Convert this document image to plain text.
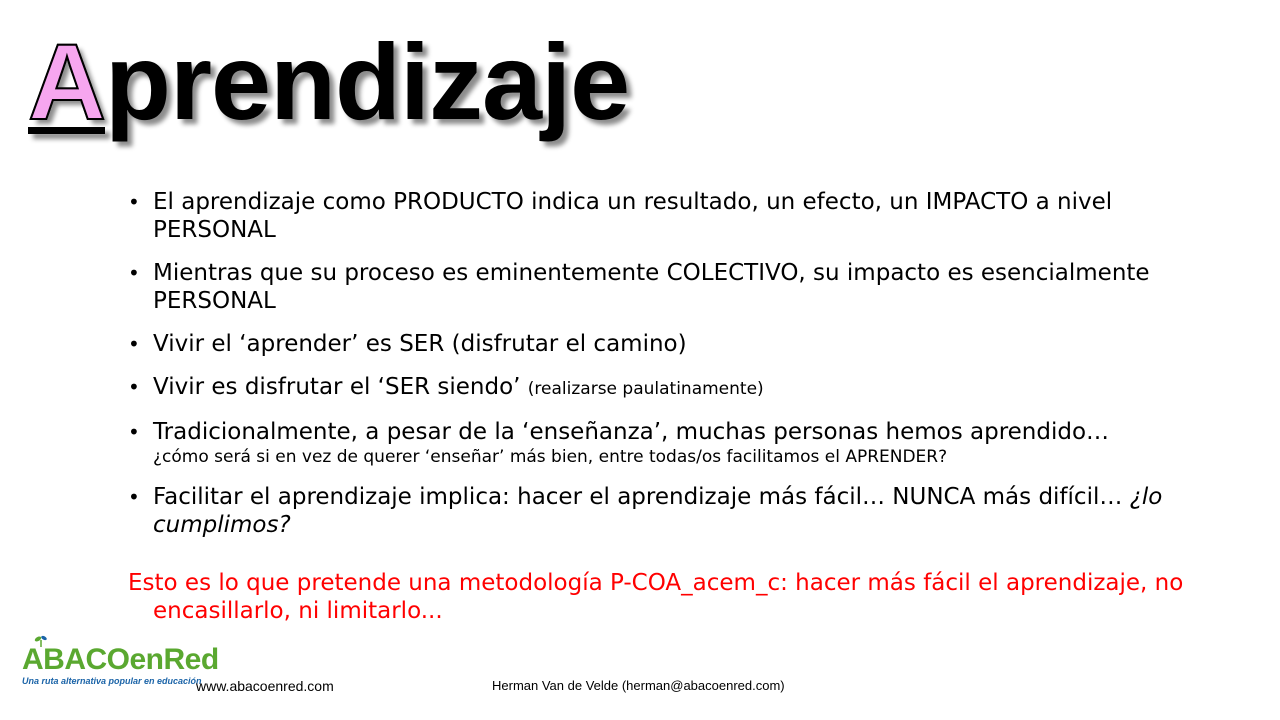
Aprendizaje
• El aprendizaje como PRODUCTO indica un resultado, un efecto, un IMPACTO a nivel PERSONAL
• Mientras que su proceso es eminentemente COLECTIVO, su impacto es esencialmente PERSONAL
• Vivir el ‘aprender’ es SER (disfrutar el camino)
• Vivir es disfrutar el ‘SER siendo’ (realizarse paulatinamente)
• Tradicionalmente, a pesar de la ‘enseñanza’, muchas personas hemos aprendido…
¿cómo será si en vez de querer ‘enseñar’ más bien, entre todas/os facilitamos el APRENDER?
• Facilitar el aprendizaje implica: hacer el aprendizaje más fácil… NUNCA más difícil… ¿lo cumplimos?
Esto es lo que pretende una metodología P-COA_acem_c: hacer más fácil el aprendizaje, no encasillarlo, ni limitarlo...
ABACOenRed
Una ruta alternativa popular en educación
www.abacoenred.com	Herman Van de Velde (herman@abacoenred.com)
